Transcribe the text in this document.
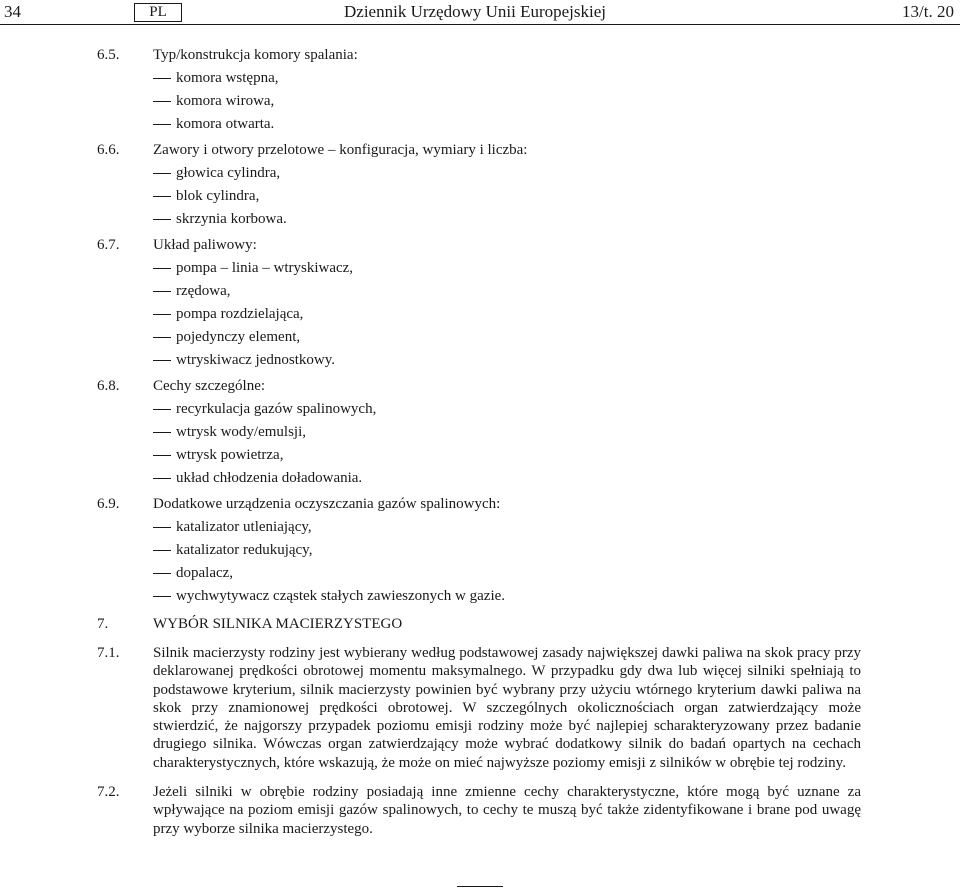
34	PL	Dziennik Urzędowy Unii Europejskiej	13/t. 20
6.5. Typ/konstrukcja komory spalania:
komora wstępna,
komora wirowa,
komora otwarta.
6.6. Zawory i otwory przelotowe – konfiguracja, wymiary i liczba:
głowica cylindra,
blok cylindra,
skrzynia korbowa.
6.7. Układ paliwowy:
pompa – linia – wtryskiwacz,
rzędowa,
pompa rozdzielająca,
pojedynczy element,
wtryskiwacz jednostkowy.
6.8. Cechy szczególne:
recyrkulacja gazów spalinowych,
wtrysk wody/emulsji,
wtrysk powietrza,
układ chłodzenia doładowania.
6.9. Dodatkowe urządzenia oczyszczania gazów spalinowych:
katalizator utleniający,
katalizator redukujący,
dopalacz,
wychwytywacz cząstek stałych zawieszonych w gazie.
7.	WYBÓR SILNIKA MACIERZYSTEGO
7.1. Silnik macierzysty rodziny jest wybierany według podstawowej zasady największej dawki paliwa na skok pracy przy deklarowanej prędkości obrotowej momentu maksymalnego. W przypadku gdy dwa lub więcej silniki spełniają to podstawowe kryterium, silnik macierzysty powinien być wybrany przy użyciu wtórnego kryterium dawki paliwa na skok przy znamionowej prędkości obrotowej. W szczególnych okolicznościach organ zatwierdzający może stwierdzić, że najgorszy przypadek poziomu emisji rodziny może być najlepiej scharakteryzowany przez badanie drugiego silnika. Wówczas organ zatwierdzający może wybrać dodatkowy silnik do badań opartych na cechach charakterystycznych, które wskazują, że może on mieć najwyższe poziomy emisji z silników w obrębie tej rodziny.
7.2. Jeżeli silniki w obrębie rodziny posiadają inne zmienne cechy charakterystyczne, które mogą być uznane za wpływające na poziom emisji gazów spalinowych, to cechy te muszą być także zidentyfikowane i brane pod uwagę przy wyborze silnika macierzystego.
